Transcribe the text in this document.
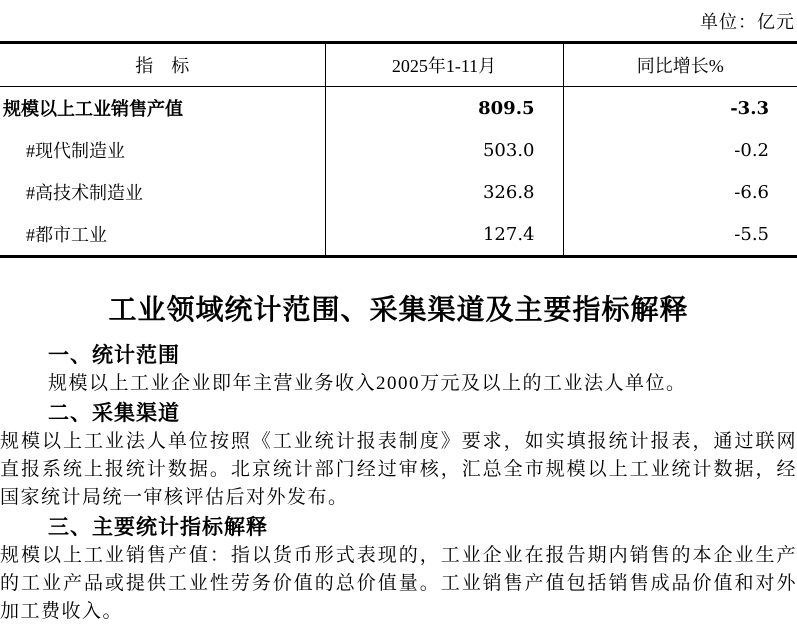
单位：亿元
指　标	2025年1-11月	同比增长%
规模以上工业销售产值	809.5	-3.3
#现代制造业	503.0	-0.2
#高技术制造业	326.8	-6.6
#都市工业	127.4	-5.5
工业领域统计范围、采集渠道及主要指标解释
一、统计范围

规模以上工业企业即年主营业务收入2000万元及以上的工业法人单位。

二、采集渠道

规模以上工业法人单位按照《工业统计报表制度》要求，如实填报统计报表，通过联网直报系统上报统计数据。北京统计部门经过审核，汇总全市规模以上工业统计数据，经国家统计局统一审核评估后对外发布。

三、主要统计指标解释

规模以上工业销售产值：指以货币形式表现的，工业企业在报告期内销售的本企业生产的工业产品或提供工业性劳务价值的总价值量。工业销售产值包括销售成品价值和对外加工费收入。
